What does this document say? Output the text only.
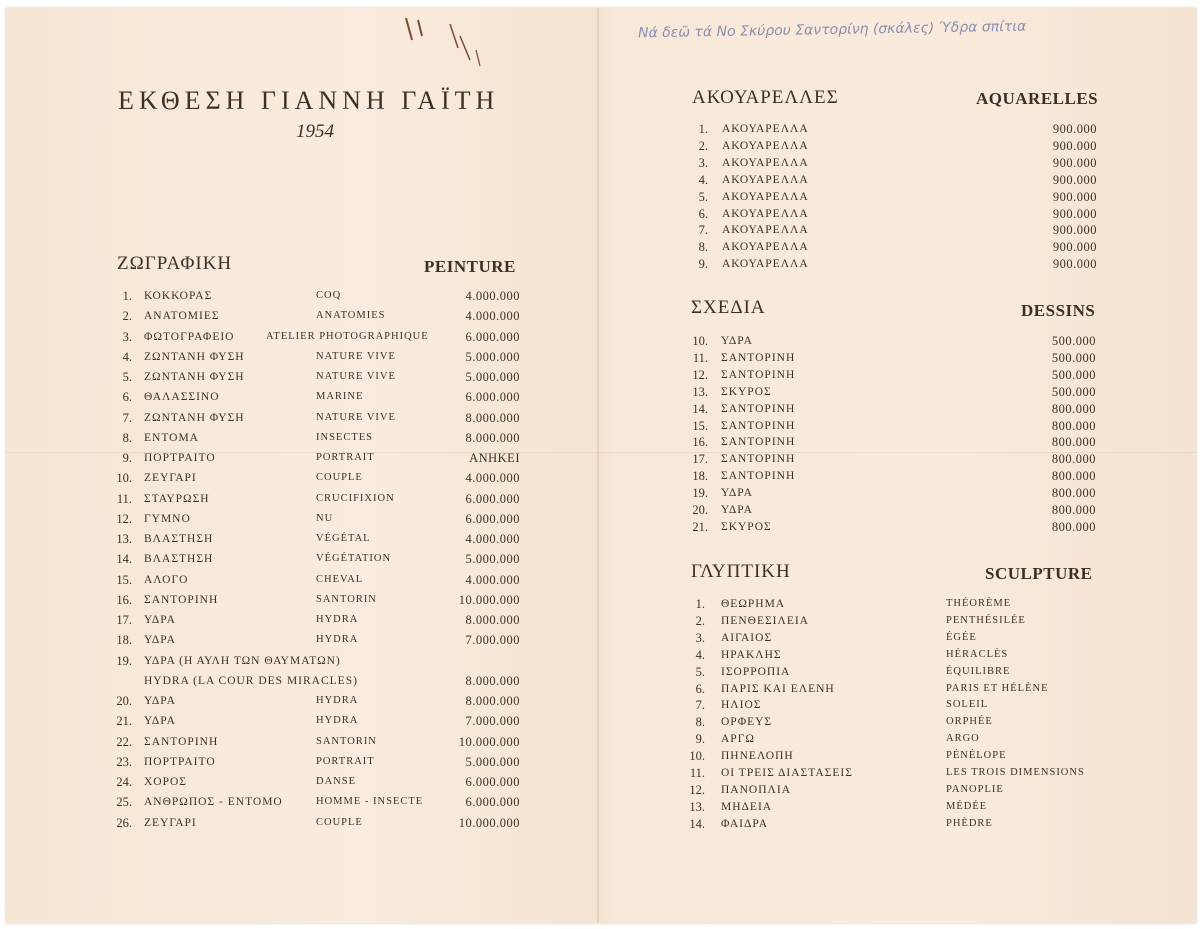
Νά δεῶ τά Νο Σκύρου Σαντορίνη (σκάλες) Ύδρα σπίτια
ΕΚΘΕΣΗ ΓΙΑΝΝΗ ΓΑΪΤΗ
1954
ΖΩΓΡΑΦΙΚΗ	PEINTURE
1. ΚΟΚΚΟΡΑΣ	COQ	4.000.000
2. ΑΝΑΤΟΜΙΕΣ	ANATOMIES	4.000.000
3. ΦΩΤΟΓΡΑΦΕΙΟ	ATELIER PHOTOGRAPHIQUE	6.000.000
4. ΖΩΝΤΑΝΗ ΦΥΣΗ	NATURE VIVE	5.000.000
5. ΖΩΝΤΑΝΗ ΦΥΣΗ	NATURE VIVE	5.000.000
6. ΘΑΛΑΣΣΙΝΟ	MARINE	6.000.000
7. ΖΩΝΤΑΝΗ ΦΥΣΗ	NATURE VIVE	8.000.000
8. ΕΝΤΟΜΑ	INSECTES	8.000.000
9. ΠΟΡΤΡΑΙΤΟ	PORTRAIT	ΑΝΗΚΕΙ
10. ΖΕΥΓΑΡΙ	COUPLE	4.000.000
11. ΣΤΑΥΡΩΣΗ	CRUCIFIXION	6.000.000
12. ΓΥΜΝΟ	NU	6.000.000
13. ΒΛΑΣΤΗΣΗ	VÉGÉTAL	4.000.000
14. ΒΛΑΣΤΗΣΗ	VÉGÉTATION	5.000.000
15. ΑΛΟΓΟ	CHEVAL	4.000.000
16. ΣΑΝΤΟΡΙΝΗ	SANTORIN	10.000.000
17. ΥΔΡΑ	HYDRA	8.000.000
18. ΥΔΡΑ	HYDRA	7.000.000
19. ΥΔΡΑ (Η ΑΥΛΗ ΤΩΝ ΘΑΥΜΑΤΩΝ)
HYDRA (LA COUR DES MIRACLES)	8.000.000
20. ΥΔΡΑ	HYDRA	8.000.000
21. ΥΔΡΑ	HYDRA	7.000.000
22. ΣΑΝΤΟΡΙΝΗ	SANTORIN	10.000.000
23. ΠΟΡΤΡΑΙΤΟ	PORTRAIT	5.000.000
24. ΧΟΡΟΣ	DANSE	6.000.000
25. ΑΝΘΡΩΠΟΣ - ΕΝΤΟΜΟ	HOMME - INSECTE	6.000.000
26. ΖΕΥΓΑΡΙ	COUPLE	10.000.000
ΑΚΟΥΑΡΕΛΛΕΣ	AQUARELLES
1. ΑΚΟΥΑΡΕΛΛΑ	900.000
2. ΑΚΟΥΑΡΕΛΛΑ	900.000
3. ΑΚΟΥΑΡΕΛΛΑ	900.000
4. ΑΚΟΥΑΡΕΛΛΑ	900.000
5. ΑΚΟΥΑΡΕΛΛΑ	900.000
6. ΑΚΟΥΑΡΕΛΛΑ	900.000
7. ΑΚΟΥΑΡΕΛΛΑ	900.000
8. ΑΚΟΥΑΡΕΛΛΑ	900.000
9. ΑΚΟΥΑΡΕΛΛΑ	900.000
ΣΧΕΔΙΑ	DESSINS
10. ΥΔΡΑ	500.000
11. ΣΑΝΤΟΡΙΝΗ	500.000
12. ΣΑΝΤΟΡΙΝΗ	500.000
13. ΣΚΥΡΟΣ	500.000
14. ΣΑΝΤΟΡΙΝΗ	800.000
15. ΣΑΝΤΟΡΙΝΗ	800.000
16. ΣΑΝΤΟΡΙΝΗ	800.000
17. ΣΑΝΤΟΡΙΝΗ	800.000
18. ΣΑΝΤΟΡΙΝΗ	800.000
19. ΥΔΡΑ	800.000
20. ΥΔΡΑ	800.000
21. ΣΚΥΡΟΣ	800.000
ΓΛΥΠΤΙΚΗ	SCULPTURE
1. ΘΕΩΡΗΜΑ	THÉORÈME
2. ΠΕΝΘΕΣΙΛΕΙΑ	PENTHÉSILÉE
3. ΑΙΓΑΙΟΣ	ÉGÉE
4. ΗΡΑΚΛΗΣ	HÉRACLÈS
5. ΙΣΟΡΡΟΠΙΑ	ÉQUILIBRE
6. ΠΑΡΙΣ ΚΑΙ ΕΛΕΝΗ	PARIS ET HÉLÈNE
7. ΗΛΙΟΣ	SOLEIL
8. ΟΡΦΕΥΣ	ORPHÉE
9. ΑΡΓΩ	ARGO
10. ΠΗΝΕΛΟΠΗ	PÉNÉLOPE
11. ΟΙ ΤΡΕΙΣ ΔΙΑΣΤΑΣΕΙΣ	LES TROIS DIMENSIONS
12. ΠΑΝΟΠΛΙΑ	PANOPLIE
13. ΜΗΔΕΙΑ	MÉDÉE
14. ΦΑΙΔΡΑ	PHÈDRE
